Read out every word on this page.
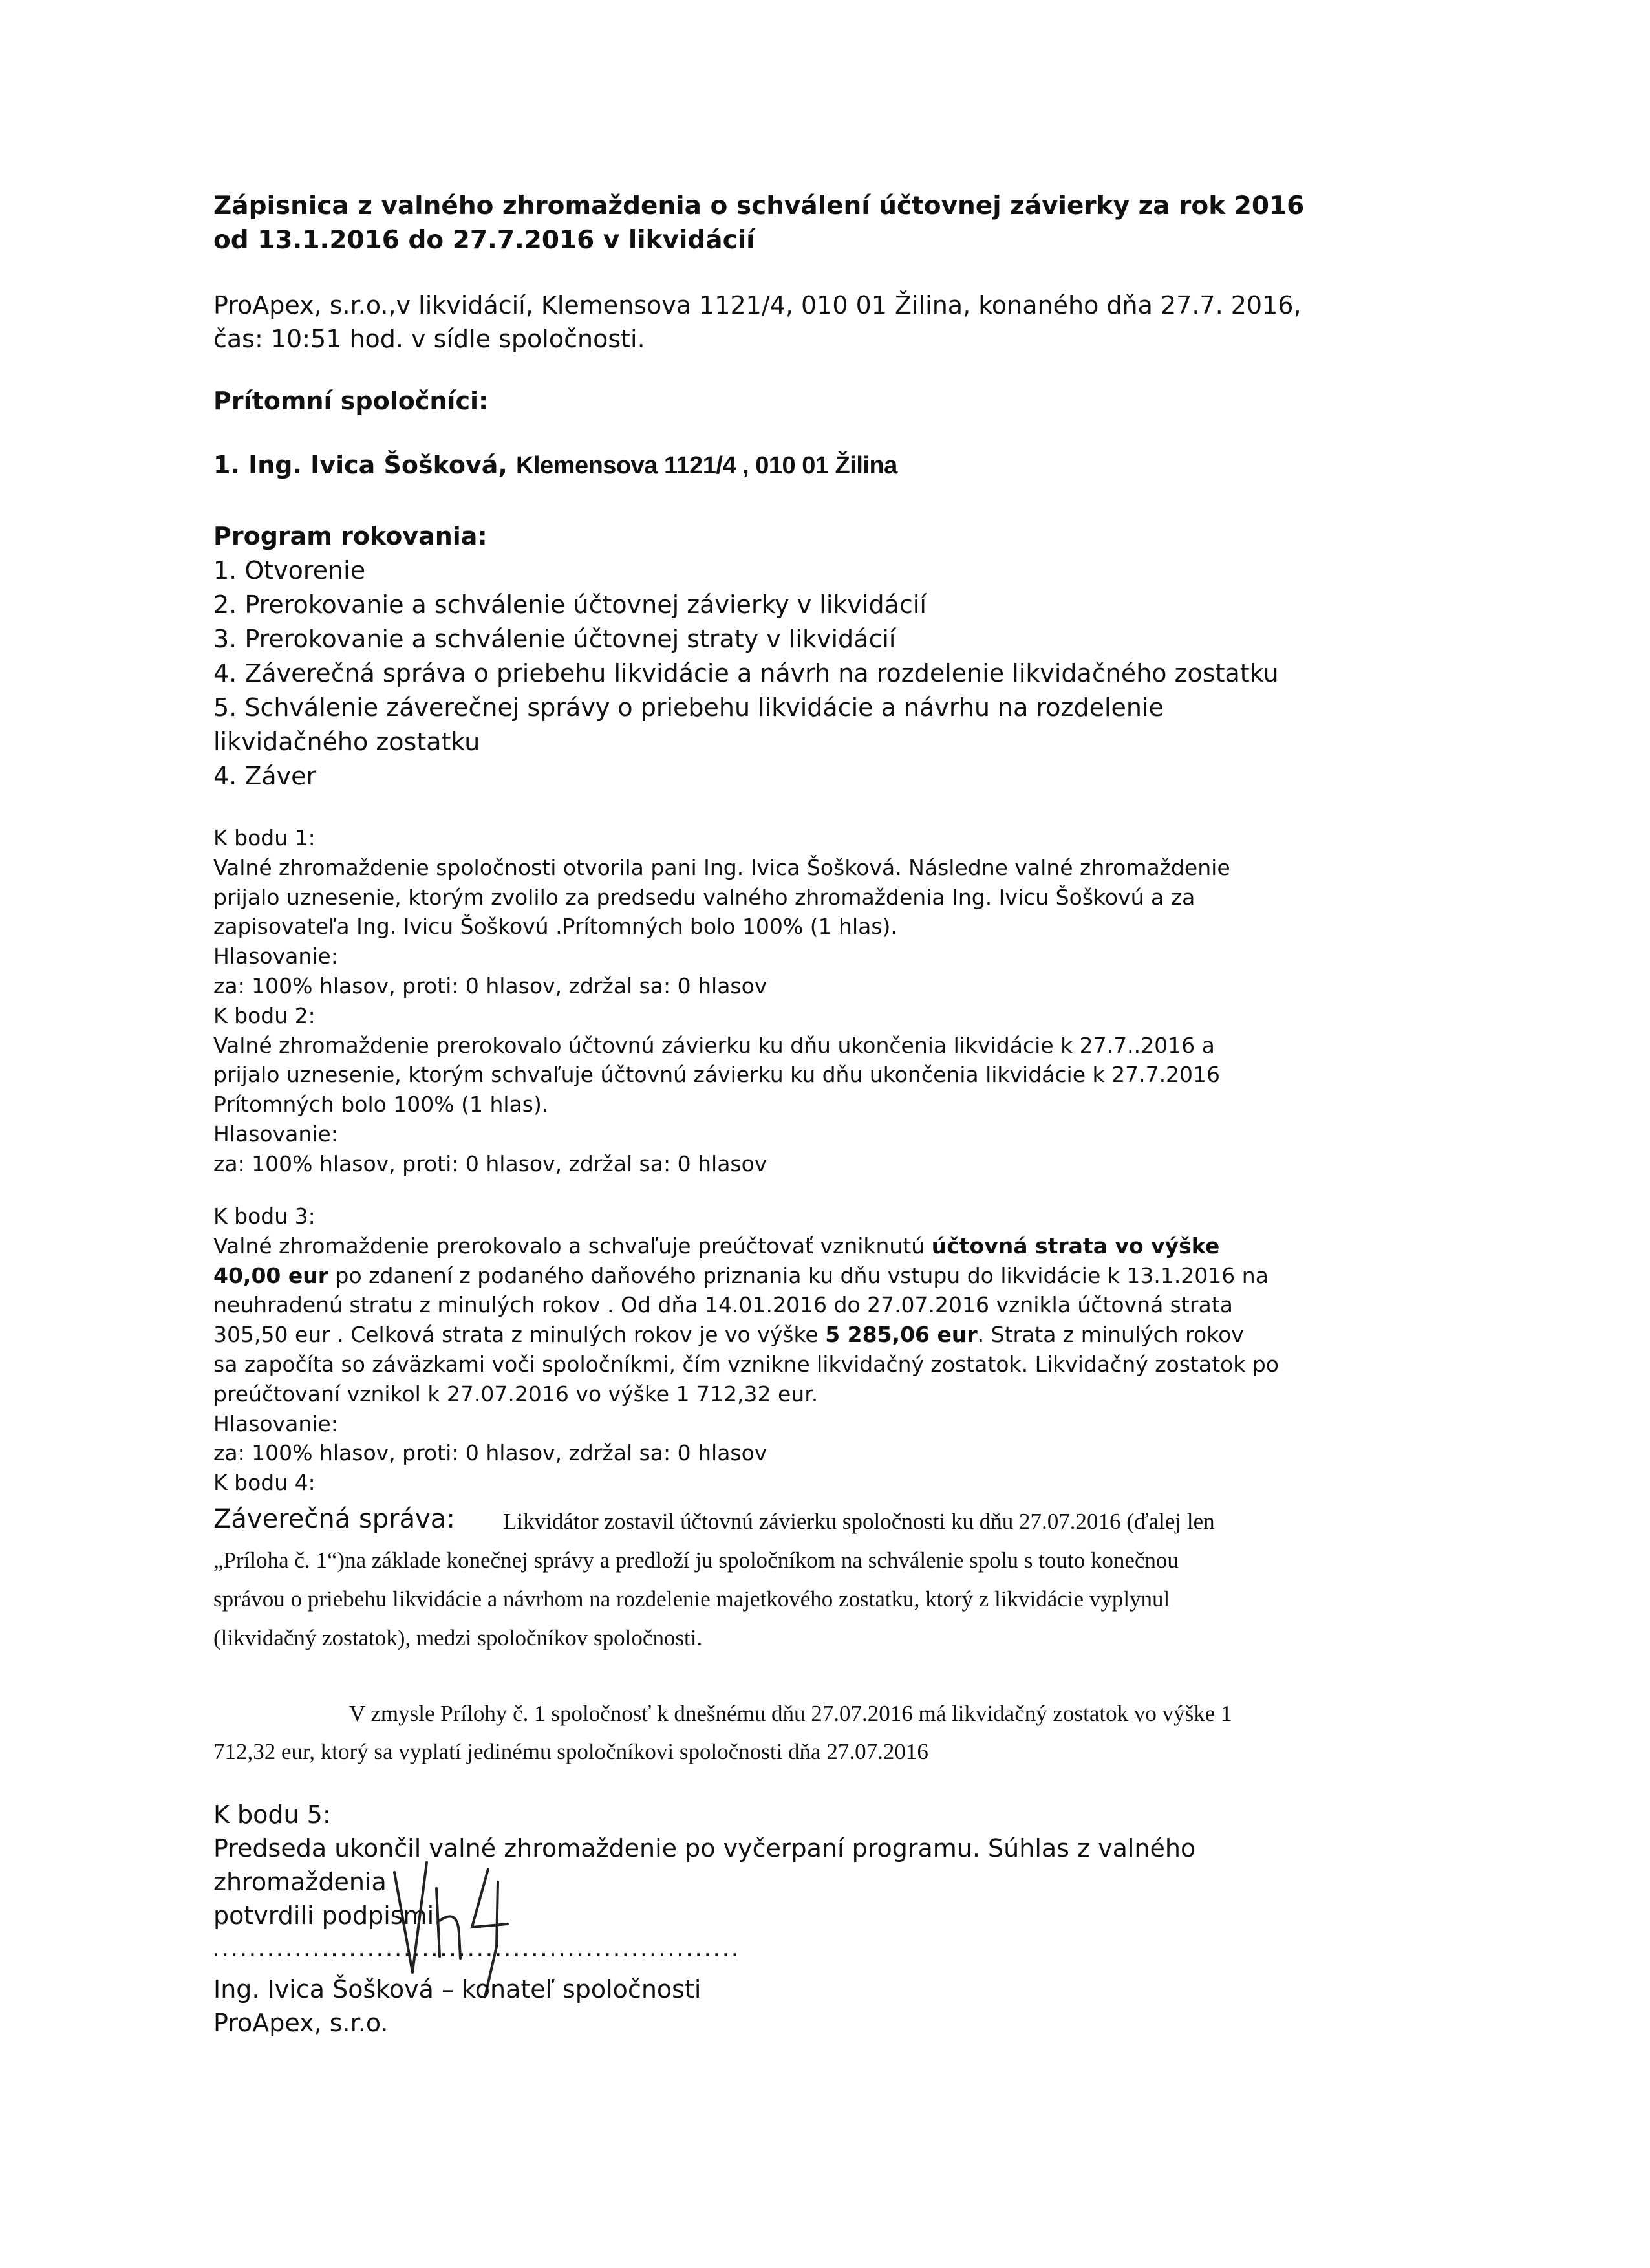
Zápisnica z valného zhromaždenia o schválení účtovnej závierky za rok 2016
od 13.1.2016 do 27.7.2016 v likvidácií
ProApex, s.r.o.,v likvidácií, Klemensova 1121/4, 010 01 Žilina, konaného dňa 27.7. 2016,
čas: 10:51 hod. v sídle spoločnosti.
Prítomní spoločníci:
1. Ing. Ivica Šošková, Klemensova 1121/4 , 010 01 Žilina
Program rokovania:
1. Otvorenie
2. Prerokovanie a schválenie účtovnej závierky v likvidácií
3. Prerokovanie a schválenie účtovnej straty v likvidácií
4. Záverečná správa o priebehu likvidácie a návrh na rozdelenie likvidačného zostatku
5. Schválenie záverečnej správy o priebehu likvidácie a návrhu na rozdelenie
likvidačného zostatku
4. Záver
K bodu 1:
Valné zhromaždenie spoločnosti otvorila pani Ing. Ivica Šošková. Následne valné zhromaždenie
prijalo uznesenie, ktorým zvolilo za predsedu valného zhromaždenia Ing. Ivicu Šoškovú a za
zapisovateľa Ing. Ivicu Šoškovú .Prítomných bolo 100% (1 hlas).
Hlasovanie:
za: 100% hlasov, proti: 0 hlasov, zdržal sa: 0 hlasov
K bodu 2:
Valné zhromaždenie prerokovalo účtovnú závierku ku dňu ukončenia likvidácie k 27.7..2016 a
prijalo uznesenie, ktorým schvaľuje účtovnú závierku ku dňu ukončenia likvidácie k 27.7.2016
Prítomných bolo 100% (1 hlas).
Hlasovanie:
za: 100% hlasov, proti: 0 hlasov, zdržal sa: 0 hlasov
K bodu 3:
Valné zhromaždenie prerokovalo a schvaľuje preúčtovať vzniknutú účtovná strata vo výške
40,00 eur po zdanení z podaného daňového priznania ku dňu vstupu do likvidácie k 13.1.2016 na
neuhradenú stratu z minulých rokov . Od dňa 14.01.2016 do 27.07.2016 vznikla účtovná strata
305,50 eur . Celková strata z minulých rokov je vo výške 5 285,06 eur. Strata z minulých rokov
sa započíta so záväzkami voči spoločníkmi, čím vznikne likvidačný zostatok. Likvidačný zostatok po
preúčtovaní vznikol k 27.07.2016 vo výške 1 712,32 eur.
Hlasovanie:
za: 100% hlasov, proti: 0 hlasov, zdržal sa: 0 hlasov
K bodu 4:
Záverečná správa: Likvidátor zostavil účtovnú závierku spoločnosti ku dňu 27.07.2016 (ďalej len
„Príloha č. 1“)na základe konečnej správy a predloží ju spoločníkom na schválenie spolu s touto konečnou
správou o priebehu likvidácie a návrhom na rozdelenie majetkového zostatku, ktorý z likvidácie vyplynul
(likvidačný zostatok), medzi spoločníkov spoločnosti.
V zmysle Prílohy č. 1 spoločnosť k dnešnému dňu 27.07.2016 má likvidačný zostatok vo výške 1
712,32 eur, ktorý sa vyplatí jedinému spoločníkovi spoločnosti dňa 27.07.2016
K bodu 5:
Predseda ukončil valné zhromaždenie po vyčerpaní programu. Súhlas z valného
zhromaždenia
potvrdili podpismi.
..........................................................
Ing. Ivica Šošková – konateľ spoločnosti
ProApex, s.r.o.
